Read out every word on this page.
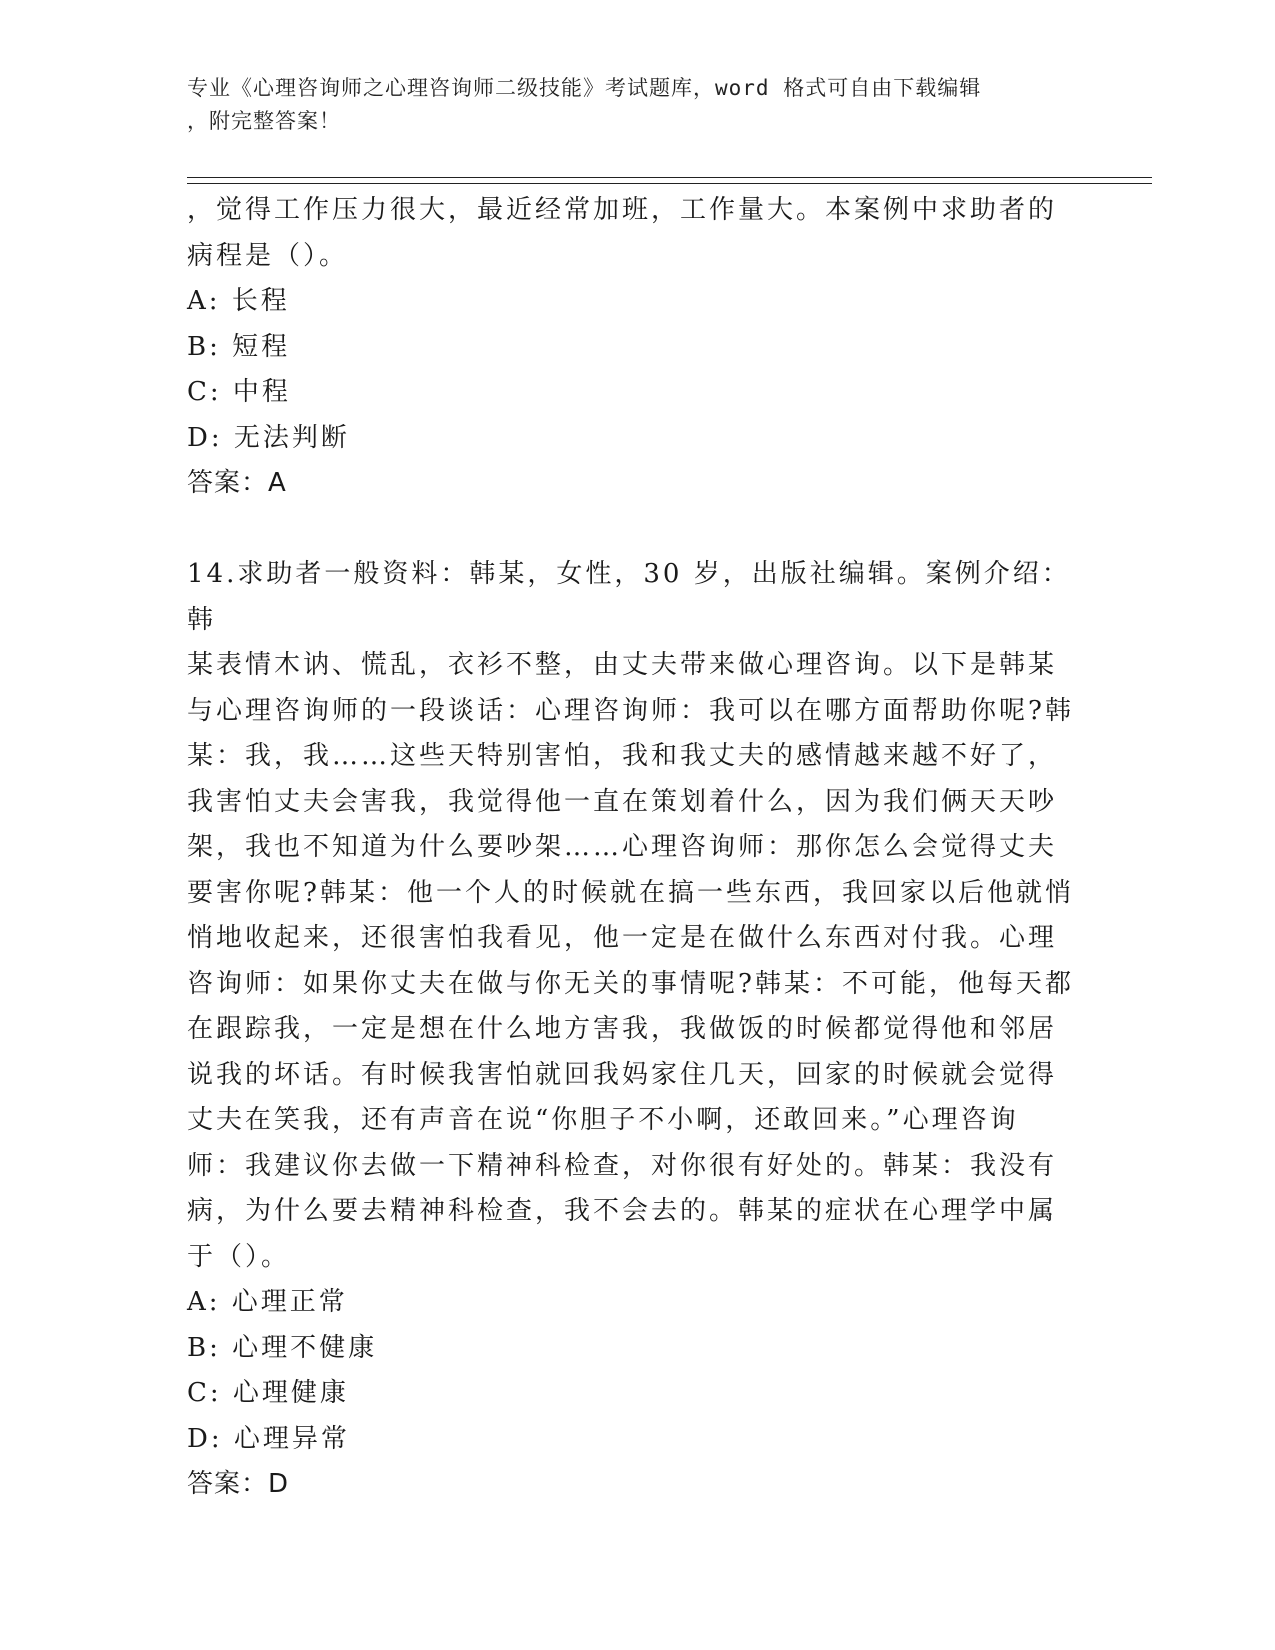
专业《心理咨询师之心理咨询师二级技能》考试题库，word 格式可自由下载编辑
，附完整答案！

，觉得工作压力很大，最近经常加班，工作量大。本案例中求助者的

病程是（）。

A: 长程

B: 短程

C: 中程

D: 无法判断

答案：A

14.求助者一般资料：韩某，女性，30 岁，出版社编辑。案例介绍：韩

某表情木讷、慌乱，衣衫不整，由丈夫带来做心理咨询。以下是韩某

与心理咨询师的一段谈话：心理咨询师：我可以在哪方面帮助你呢?韩

某：我，我……这些天特别害怕，我和我丈夫的感情越来越不好了，

我害怕丈夫会害我，我觉得他一直在策划着什么，因为我们俩天天吵

架，我也不知道为什么要吵架……心理咨询师：那你怎么会觉得丈夫

要害你呢?韩某：他一个人的时候就在搞一些东西，我回家以后他就悄

悄地收起来，还很害怕我看见，他一定是在做什么东西对付我。心理

咨询师：如果你丈夫在做与你无关的事情呢?韩某：不可能，他每天都

在跟踪我，一定是想在什么地方害我，我做饭的时候都觉得他和邻居

说我的坏话。有时候我害怕就回我妈家住几天，回家的时候就会觉得

丈夫在笑我，还有声音在说“你胆子不小啊，还敢回来。”心理咨询

师：我建议你去做一下精神科检查，对你很有好处的。韩某：我没有

病，为什么要去精神科检查，我不会去的。韩某的症状在心理学中属

于（）。

A: 心理正常

B: 心理不健康

C: 心理健康

D: 心理异常

答案：D
